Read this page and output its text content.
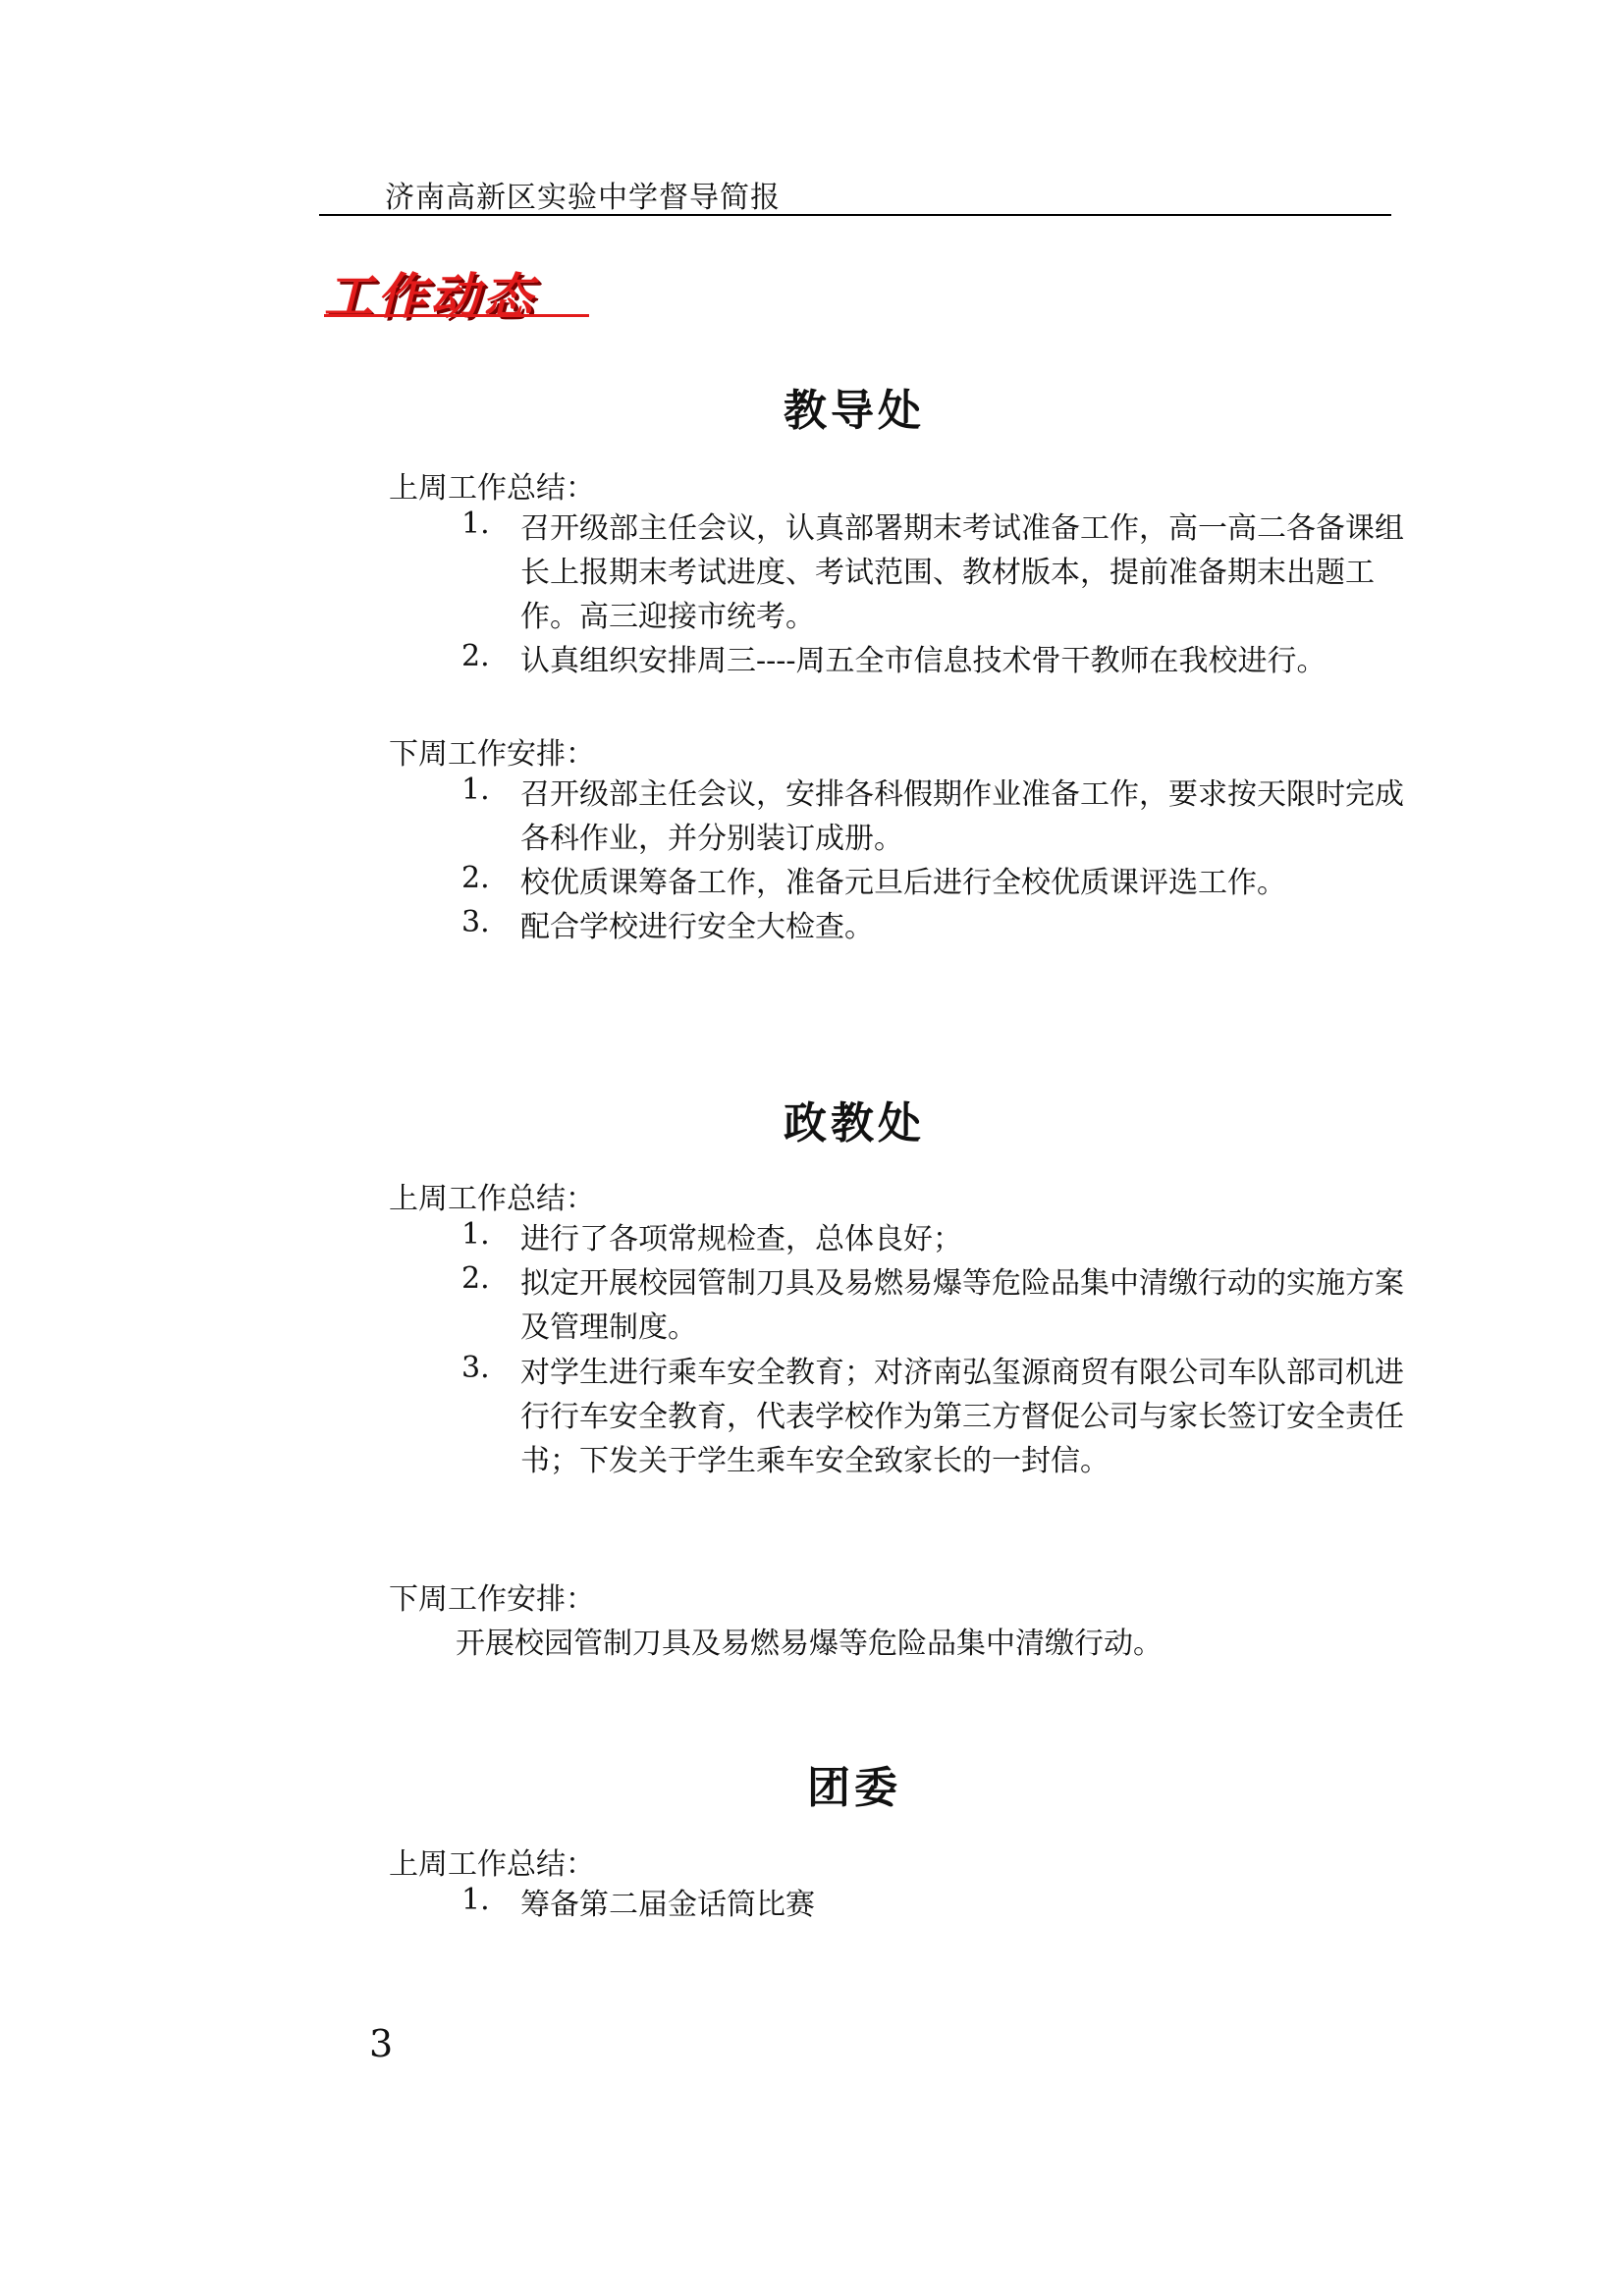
济南高新区实验中学督导简报
工作动态
教导处
上周工作总结：
1. 召开级部主任会议，认真部署期末考试准备工作，高一高二各备课组长上报期末考试进度、考试范围、教材版本，提前准备期末出题工作。高三迎接市统考。
2. 认真组织安排周三----周五全市信息技术骨干教师在我校进行。
下周工作安排：
1. 召开级部主任会议，安排各科假期作业准备工作，要求按天限时完成各科作业，并分别装订成册。
2. 校优质课筹备工作，准备元旦后进行全校优质课评选工作。
3. 配合学校进行安全大检查。
政教处
上周工作总结：
1. 进行了各项常规检查，总体良好；
2. 拟定开展校园管制刀具及易燃易爆等危险品集中清缴行动的实施方案及管理制度。
3. 对学生进行乘车安全教育；对济南弘玺源商贸有限公司车队部司机进行行车安全教育，代表学校作为第三方督促公司与家长签订安全责任书；下发关于学生乘车安全致家长的一封信。
下周工作安排：
开展校园管制刀具及易燃易爆等危险品集中清缴行动。
团委
上周工作总结：
1. 筹备第二届金话筒比赛
3
